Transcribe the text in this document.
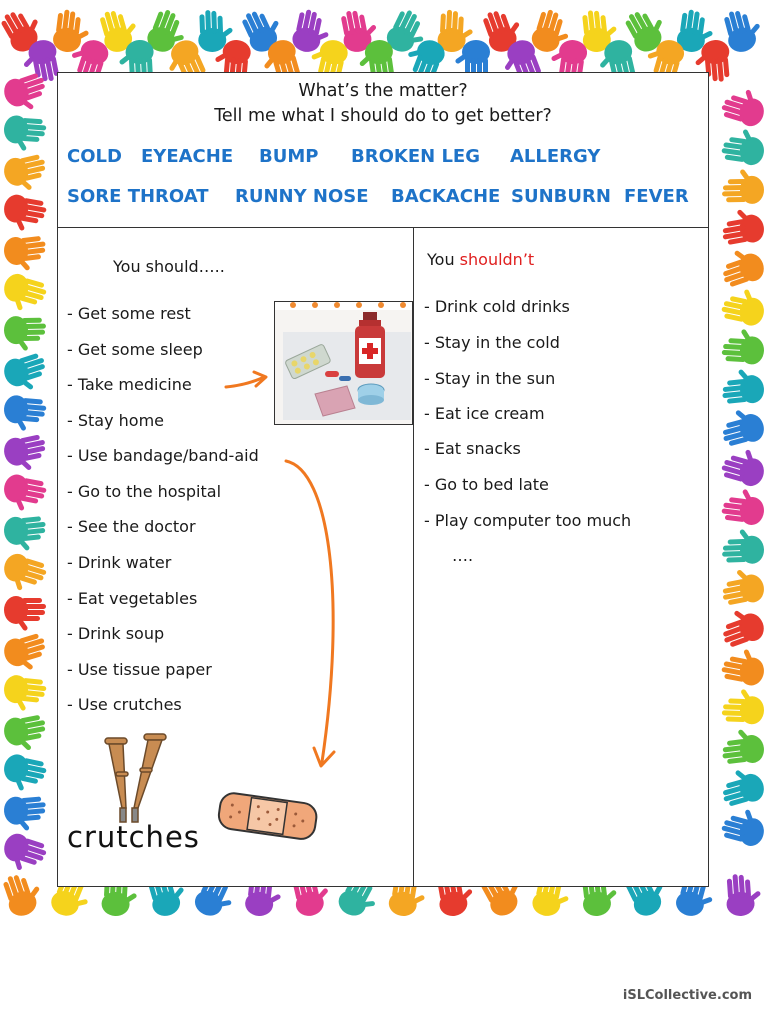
What’s the matter?
Tell me what I should do to get better?
COLD EYEACHE BUMP BROKEN LEG ALLERGY
SORE THROAT RUNNY NOSE BACKACHE SUNBURN FEVER
You should…..	You shouldn’t
- Get some rest
- Get some sleep
- Take medicine
- Stay home
- Use bandage/band-aid
- Go to the hospital
- See the doctor
- Drink water
- Eat vegetables
- Drink soup
- Use tissue paper
- Use crutches
- Drink cold drinks
- Stay in the cold
- Stay in the sun
- Eat ice cream
- Eat snacks
- Go to bed late
- Play computer too much
….
crutches
iSLCollective.com
